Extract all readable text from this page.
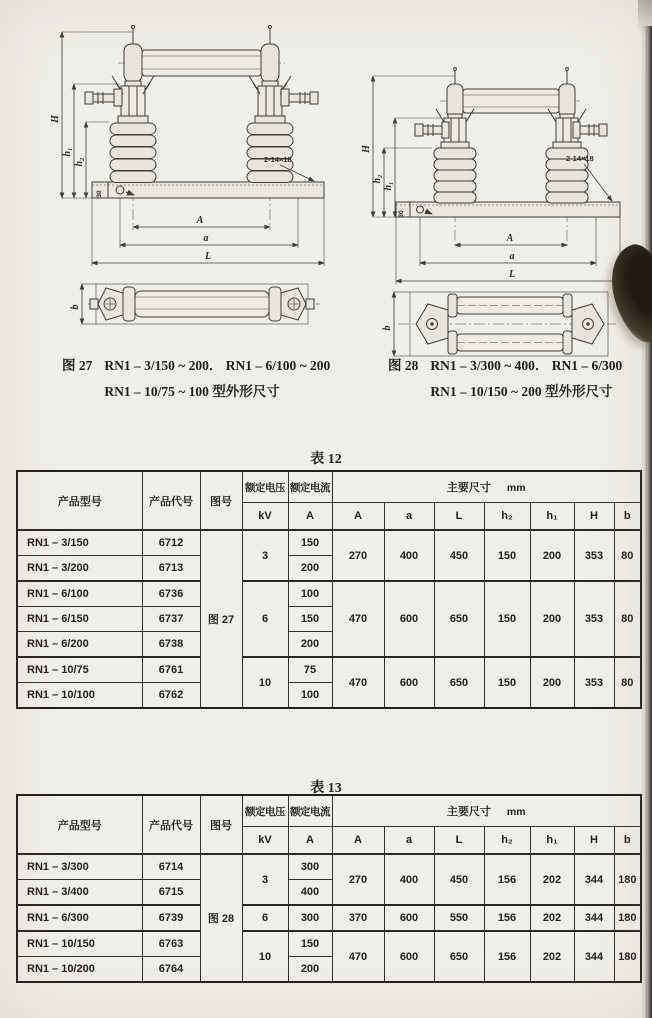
H
h₁
h₂
30
2-14×18
A
a
L
b
H
h₂
h₁
30
2-14×18
A
a
L
b
图 27 RN1 – 3/150 ~ 200． RN1 – 6/100 ~ 200
RN1 – 10/75 ~ 100 型外形尺寸
图 28 RN1 – 3/300 ~ 400． RN1 – 6/300
RN1 – 10/150 ~ 200 型外形尺寸
表 12
产品型号	产品代号	图号	额定电压	额定电流	主要尺寸 mm						
			kV	A	A	a	L	h₂	h₁	H	b
RN1 – 3/150	6712	图 27	3	150	270	400	450	150	200	353	80
RN1 – 3/200	6713			200							
RN1 – 6/100	6736		6	100	470	600	650	150	200	353	80
RN1 – 6/150	6737			150							
RN1 – 6/200	6738			200							
RN1 – 10/75	6761		10	75	470	600	650	150	200	353	80
RN1 – 10/100	6762			100							
表 13
产品型号	产品代号	图号	额定电压	额定电流	主要尺寸 mm						
			kV	A	A	a	L	h₂	h₁	H	b
RN1 – 3/300	6714	图 28	3	300	270	400	450	156	202	344	180
RN1 – 3/400	6715			400							
RN1 – 6/300	6739		6	300	370	600	550	156	202	344	180
RN1 – 10/150	6763		10	150	470	600	650	156	202	344	180
RN1 – 10/200	6764			200							
